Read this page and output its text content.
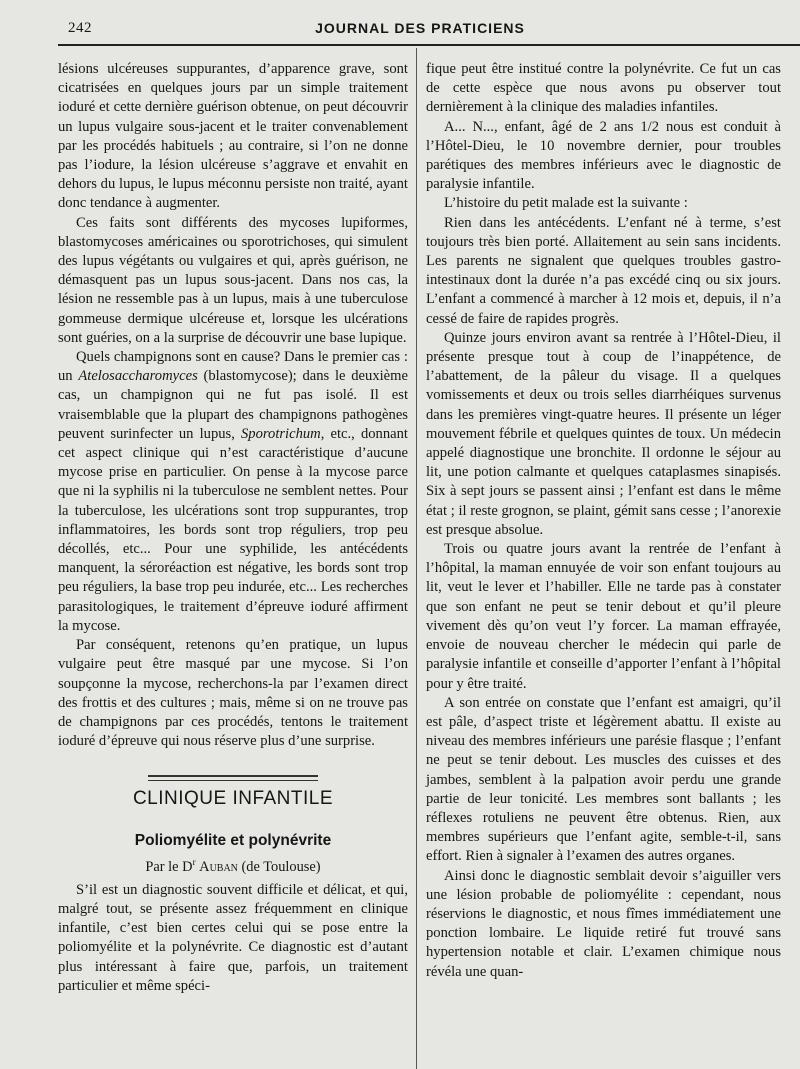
242	JOURNAL DES PRATICIENS

lésions ulcéreuses suppurantes, d’apparence grave, sont cicatrisées en quelques jours par un simple traitement ioduré et cette dernière guérison obtenue, on peut découvrir un lupus vulgaire sous-jacent et le traiter convenablement par les procédés habituels ; au contraire, si l’on ne donne pas l’iodure, la lésion ulcéreuse s’aggrave et envahit en dehors du lupus, le lupus méconnu persiste non traité, ayant donc tendance à augmenter.

Ces faits sont différents des mycoses lupiformes, blastomycoses américaines ou sporotrichoses, qui simulent des lupus végétants ou vulgaires et qui, après guérison, ne démasquent pas un lupus sous-jacent. Dans nos cas, la lésion ne ressemble pas à un lupus, mais à une tuberculose gommeuse dermique ulcéreuse et, lorsque les ulcérations sont guéries, on a la surprise de découvrir une base lupique.

Quels champignons sont en cause? Dans le premier cas : un Atelosaccharomyces (blastomycose); dans le deuxième cas, un champignon qui ne fut pas isolé. Il est vraisemblable que la plupart des champignons pathogènes peuvent surinfecter un lupus, Sporotrichum, etc., donnant cet aspect clinique qui n’est caractéristique d’aucune mycose prise en particulier. On pense à la mycose parce que ni la syphilis ni la tuberculose ne semblent nettes. Pour la tuberculose, les ulcérations sont trop suppurantes, trop inflammatoires, les bords sont trop réguliers, trop peu décollés, etc... Pour une syphilide, les antécédents manquent, la séroréaction est négative, les bords sont trop peu réguliers, la base trop peu indurée, etc... Les recherches parasitologiques, le traitement d’épreuve ioduré affirment la mycose.

Par conséquent, retenons qu’en pratique, un lupus vulgaire peut être masqué par une mycose. Si l’on soupçonne la mycose, recherchons-la par l’examen direct des frottis et des cultures ; mais, même si on ne trouve pas de champignons par ces procédés, tentons le traitement ioduré d’épreuve qui nous réserve plus d’une surprise.

CLINIQUE INFANTILE
Poliomyélite et polynévrite
Par le $D^r$ Auban (de Toulouse)

S’il est un diagnostic souvent difficile et délicat, et qui, malgré tout, se présente assez fréquemment en clinique infantile, c’est bien certes celui qui se pose entre la poliomyélite et la polynévrite. Ce diagnostic est d’autant plus intéressant à faire que, parfois, un traitement particulier et même spéci-

fique peut être institué contre la polynévrite. Ce fut un cas de cette espèce que nous avons pu observer tout dernièrement à la clinique des maladies infantiles.

A... N..., enfant, âgé de 2 ans 1/2 nous est conduit à l’Hôtel-Dieu, le 10 novembre dernier, pour troubles parétiques des membres inférieurs avec le diagnostic de paralysie infantile.

L’histoire du petit malade est la suivante :

Rien dans les antécédents. L’enfant né à terme, s’est toujours très bien porté. Allaitement au sein sans incidents. Les parents ne signalent que quelques troubles gastro-intestinaux dont la durée n’a pas excédé cinq ou six jours. L’enfant a commencé à marcher à 12 mois et, depuis, il n’a cessé de faire de rapides progrès.

Quinze jours environ avant sa rentrée à l’Hôtel-Dieu, il présente presque tout à coup de l’inappétence, de l’abattement, de la pâleur du visage. Il a quelques vomissements et deux ou trois selles diarrhéiques survenus dans les premières vingt-quatre heures. Il présente un léger mouvement fébrile et quelques quintes de toux. Un médecin appelé diagnostique une bronchite. Il ordonne le séjour au lit, une potion calmante et quelques cataplasmes sinapisés. Six à sept jours se passent ainsi ; l’enfant est dans le même état ; il reste grognon, se plaint, gémit sans cesse ; l’anorexie est presque absolue.

Trois ou quatre jours avant la rentrée de l’enfant à l’hôpital, la maman ennuyée de voir son enfant toujours au lit, veut le lever et l’habiller. Elle ne tarde pas à constater que son enfant ne peut se tenir debout et qu’il pleure vivement dès qu’on veut l’y forcer. La maman effrayée, envoie de nouveau chercher le médecin qui parle de paralysie infantile et conseille d’apporter l’enfant à l’hôpital pour y être traité.

A son entrée on constate que l’enfant est amaigri, qu’il est pâle, d’aspect triste et légèrement abattu. Il existe au niveau des membres inférieurs une parésie flasque ; l’enfant ne peut se tenir debout. Les muscles des cuisses et des jambes, semblent à la palpation avoir perdu une grande partie de leur tonicité. Les membres sont ballants ; les réflexes rotuliens ne peuvent être obtenus. Rien, aux membres supérieurs que l’enfant agite, semble-t-il, sans effort. Rien à signaler à l’examen des autres organes.

Ainsi donc le diagnostic semblait devoir s’aiguiller vers une lésion probable de poliomyélite : cependant, nous réservions le diagnostic, et nous fîmes immédiatement une ponction lombaire. Le liquide retiré fut trouvé sans hypertension notable et clair. L’examen chimique nous révéla une quan-
